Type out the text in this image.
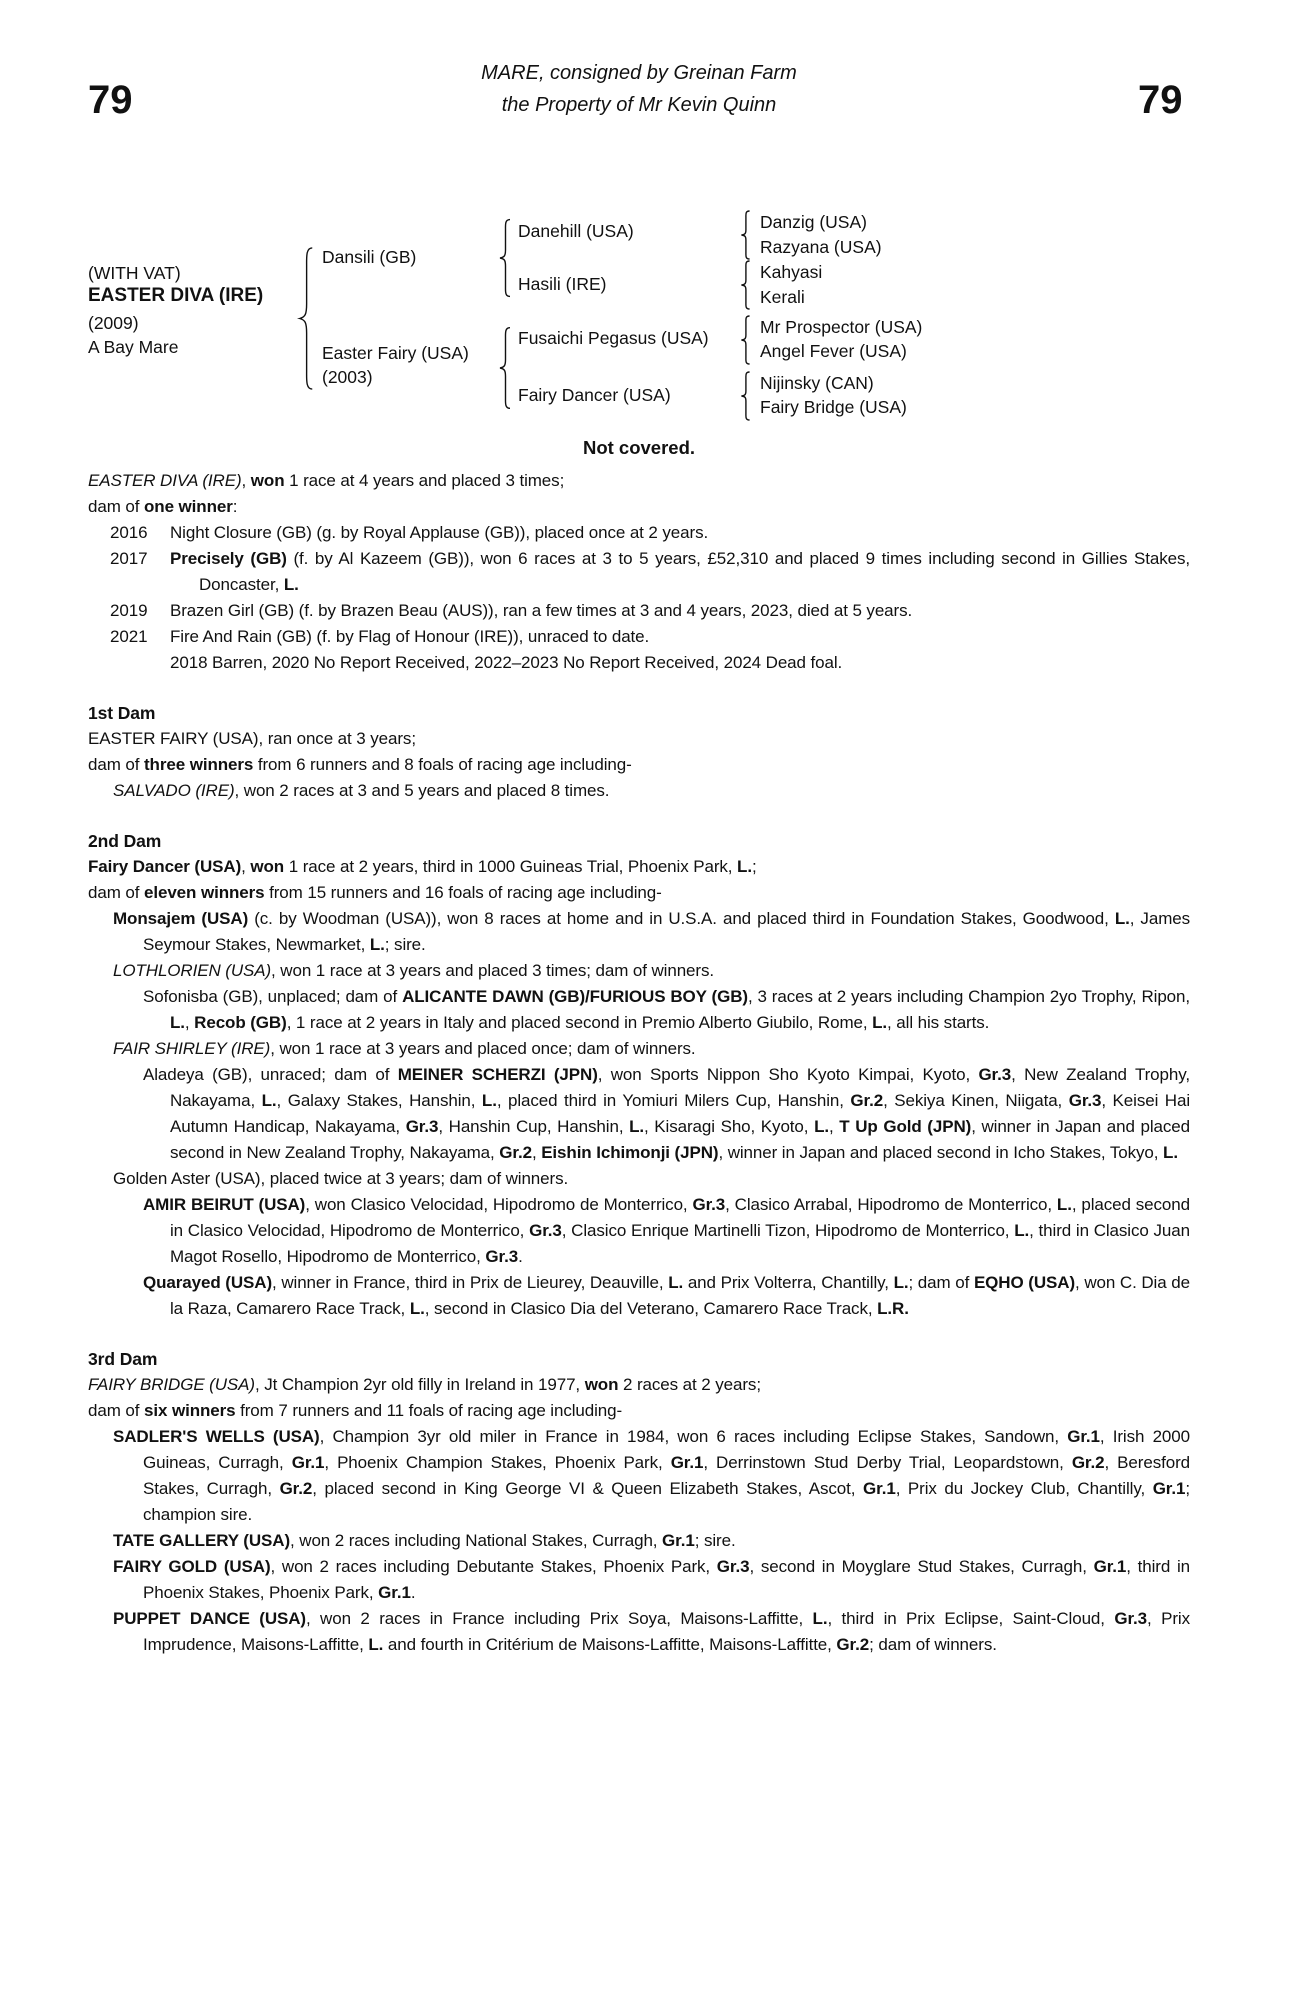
79
MARE, consigned by Greinan Farm
the Property of Mr Kevin Quinn	79
(WITH VAT)
EASTER DIVA (IRE)
(2009)
A Bay Mare
Dansili (GB)
Easter Fairy (USA)
(2003)
Danehill (USA)
Hasili (IRE)
Fusaichi Pegasus (USA)
Fairy Dancer (USA)
Danzig (USA)
Razyana (USA)
Kahyasi
Kerali
Mr Prospector (USA)
Angel Fever (USA)
Nijinsky (CAN)
Fairy Bridge (USA)
Not covered.
EASTER DIVA (IRE), won 1 race at 4 years and placed 3 times;
dam of one winner:
2016 Night Closure (GB) (g. by Royal Applause (GB)), placed once at 2 years.
2017 Precisely (GB) (f. by Al Kazeem (GB)), won 6 races at 3 to 5 years, £52,310 and placed 9 times including second in Gillies Stakes, Doncaster, L.
2019 Brazen Girl (GB) (f. by Brazen Beau (AUS)), ran a few times at 3 and 4 years, 2023, died at 5 years.
2021 Fire And Rain (GB) (f. by Flag of Honour (IRE)), unraced to date.
2018 Barren, 2020 No Report Received, 2022–2023 No Report Received, 2024 Dead foal.
1st Dam
EASTER FAIRY (USA), ran once at 3 years;
dam of three winners from 6 runners and 8 foals of racing age including-
SALVADO (IRE), won 2 races at 3 and 5 years and placed 8 times.
2nd Dam
Fairy Dancer (USA), won 1 race at 2 years, third in 1000 Guineas Trial, Phoenix Park, L.;
dam of eleven winners from 15 runners and 16 foals of racing age including-
Monsajem (USA) (c. by Woodman (USA)), won 8 races at home and in U.S.A. and placed third in Foundation Stakes, Goodwood, L., James Seymour Stakes, Newmarket, L.; sire.
LOTHLORIEN (USA), won 1 race at 3 years and placed 3 times; dam of winners.
Sofonisba (GB), unplaced; dam of ALICANTE DAWN (GB)/FURIOUS BOY (GB), 3 races at 2 years including Champion 2yo Trophy, Ripon, L., Recob (GB), 1 race at 2 years in Italy and placed second in Premio Alberto Giubilo, Rome, L., all his starts.
FAIR SHIRLEY (IRE), won 1 race at 3 years and placed once; dam of winners.
Aladeya (GB), unraced; dam of MEINER SCHERZI (JPN), won Sports Nippon Sho Kyoto Kimpai, Kyoto, Gr.3, New Zealand Trophy, Nakayama, L., Galaxy Stakes, Hanshin, L., placed third in Yomiuri Milers Cup, Hanshin, Gr.2, Sekiya Kinen, Niigata, Gr.3, Keisei Hai Autumn Handicap, Nakayama, Gr.3, Hanshin Cup, Hanshin, L., Kisaragi Sho, Kyoto, L., T Up Gold (JPN), winner in Japan and placed second in New Zealand Trophy, Nakayama, Gr.2, Eishin Ichimonji (JPN), winner in Japan and placed second in Icho Stakes, Tokyo, L.
Golden Aster (USA), placed twice at 3 years; dam of winners.
AMIR BEIRUT (USA), won Clasico Velocidad, Hipodromo de Monterrico, Gr.3, Clasico Arrabal, Hipodromo de Monterrico, L., placed second in Clasico Velocidad, Hipodromo de Monterrico, Gr.3, Clasico Enrique Martinelli Tizon, Hipodromo de Monterrico, L., third in Clasico Juan Magot Rosello, Hipodromo de Monterrico, Gr.3.
Quarayed (USA), winner in France, third in Prix de Lieurey, Deauville, L. and Prix Volterra, Chantilly, L.; dam of EQHO (USA), won C. Dia de la Raza, Camarero Race Track, L., second in Clasico Dia del Veterano, Camarero Race Track, L.R.
3rd Dam
FAIRY BRIDGE (USA), Jt Champion 2yr old filly in Ireland in 1977, won 2 races at 2 years;
dam of six winners from 7 runners and 11 foals of racing age including-
SADLER'S WELLS (USA), Champion 3yr old miler in France in 1984, won 6 races including Eclipse Stakes, Sandown, Gr.1, Irish 2000 Guineas, Curragh, Gr.1, Phoenix Champion Stakes, Phoenix Park, Gr.1, Derrinstown Stud Derby Trial, Leopardstown, Gr.2, Beresford Stakes, Curragh, Gr.2, placed second in King George VI & Queen Elizabeth Stakes, Ascot, Gr.1, Prix du Jockey Club, Chantilly, Gr.1; champion sire.
TATE GALLERY (USA), won 2 races including National Stakes, Curragh, Gr.1; sire.
FAIRY GOLD (USA), won 2 races including Debutante Stakes, Phoenix Park, Gr.3, second in Moyglare Stud Stakes, Curragh, Gr.1, third in Phoenix Stakes, Phoenix Park, Gr.1.
PUPPET DANCE (USA), won 2 races in France including Prix Soya, Maisons-Laffitte, L., third in Prix Eclipse, Saint-Cloud, Gr.3, Prix Imprudence, Maisons-Laffitte, L. and fourth in Critérium de Maisons-Laffitte, Maisons-Laffitte, Gr.2; dam of winners.
